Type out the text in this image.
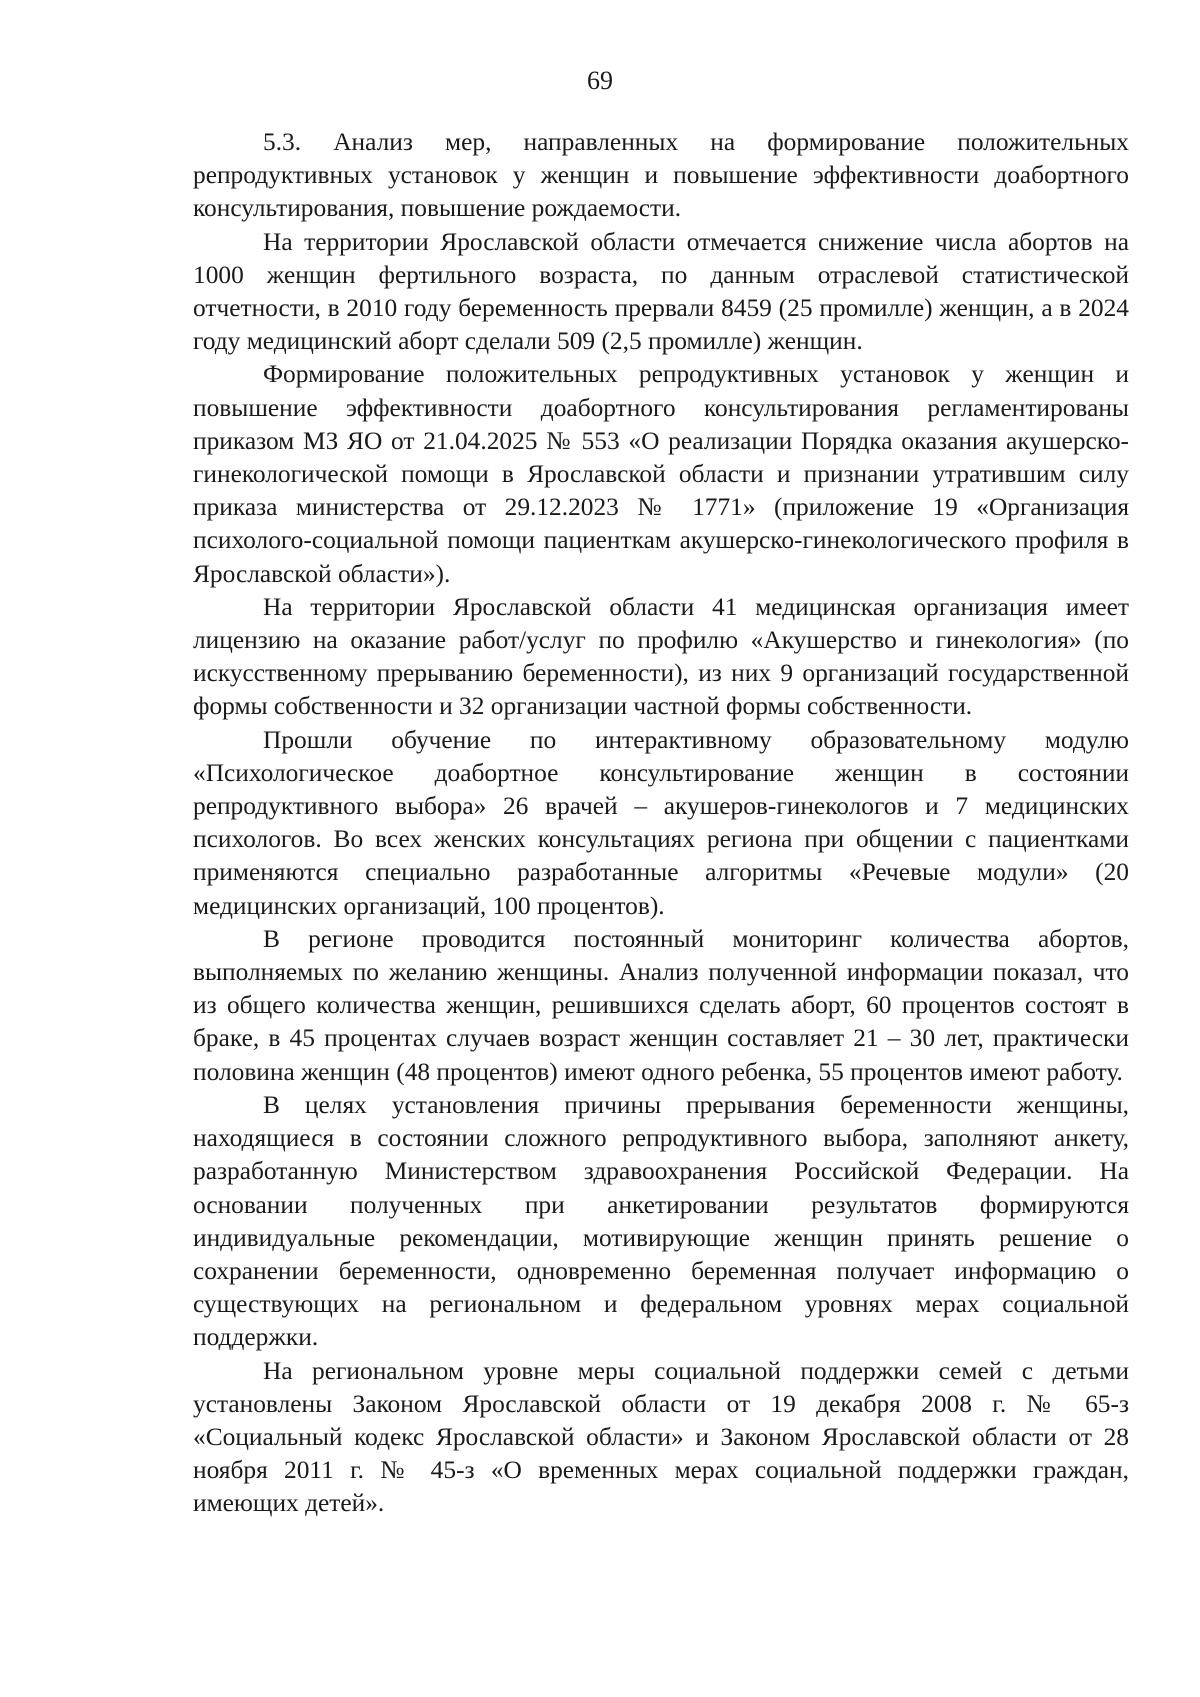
69

5.3. Анализ мер, направленных на формирование положительных репродуктивных установок у женщин и повышение эффективности доабортного консультирования, повышение рождаемости.

На территории Ярославской области отмечается снижение числа абортов на 1000 женщин фертильного возраста, по данным отраслевой статистической отчетности, в 2010 году беременность прервали 8459 (25 промилле) женщин, а в 2024 году медицинский аборт сделали 509 (2,5 промилле) женщин.

Формирование положительных репродуктивных установок у женщин и повышение эффективности доабортного консультирования регламентированы приказом МЗ ЯО от 21.04.2025 № 553 «О реализации Порядка оказания акушерско-гинекологической помощи в Ярославской области и признании утратившим силу приказа министерства от 29.12.2023 № 1771» (приложение 19 «Организация психолого-социальной помощи пациенткам акушерско-гинекологического профиля в Ярославской области»).

На территории Ярославской области 41 медицинская организация имеет лицензию на оказание работ/услуг по профилю «Акушерство и гинекология» (по искусственному прерыванию беременности), из них 9 организаций государственной формы собственности и 32 организации частной формы собственности.

Прошли обучение по интерактивному образовательному модулю «Психологическое доабортное консультирование женщин в состоянии репродуктивного выбора» 26 врачей – акушеров-гинекологов и 7 медицинских психологов. Во всех женских консультациях региона при общении с пациентками применяются специально разработанные алгоритмы «Речевые модули» (20 медицинских организаций, 100 процентов).

В регионе проводится постоянный мониторинг количества абортов, выполняемых по желанию женщины. Анализ полученной информации показал, что из общего количества женщин, решившихся сделать аборт, 60 процентов состоят в браке, в 45 процентах случаев возраст женщин составляет 21 – 30 лет, практически половина женщин (48 процентов) имеют одного ребенка, 55 процентов имеют работу.

В целях установления причины прерывания беременности женщины, находящиеся в состоянии сложного репродуктивного выбора, заполняют анкету, разработанную Министерством здравоохранения Российской Федерации. На основании полученных при анкетировании результатов формируются индивидуальные рекомендации, мотивирующие женщин принять решение о сохранении беременности, одновременно беременная получает информацию о существующих на региональном и федеральном уровнях мерах социальной поддержки.

На региональном уровне меры социальной поддержки семей с детьми установлены Законом Ярославской области от 19 декабря 2008 г. № 65-з «Социальный кодекс Ярославской области» и Законом Ярославской области от 28 ноября 2011 г. № 45-з «О временных мерах социальной поддержки граждан, имеющих детей».
